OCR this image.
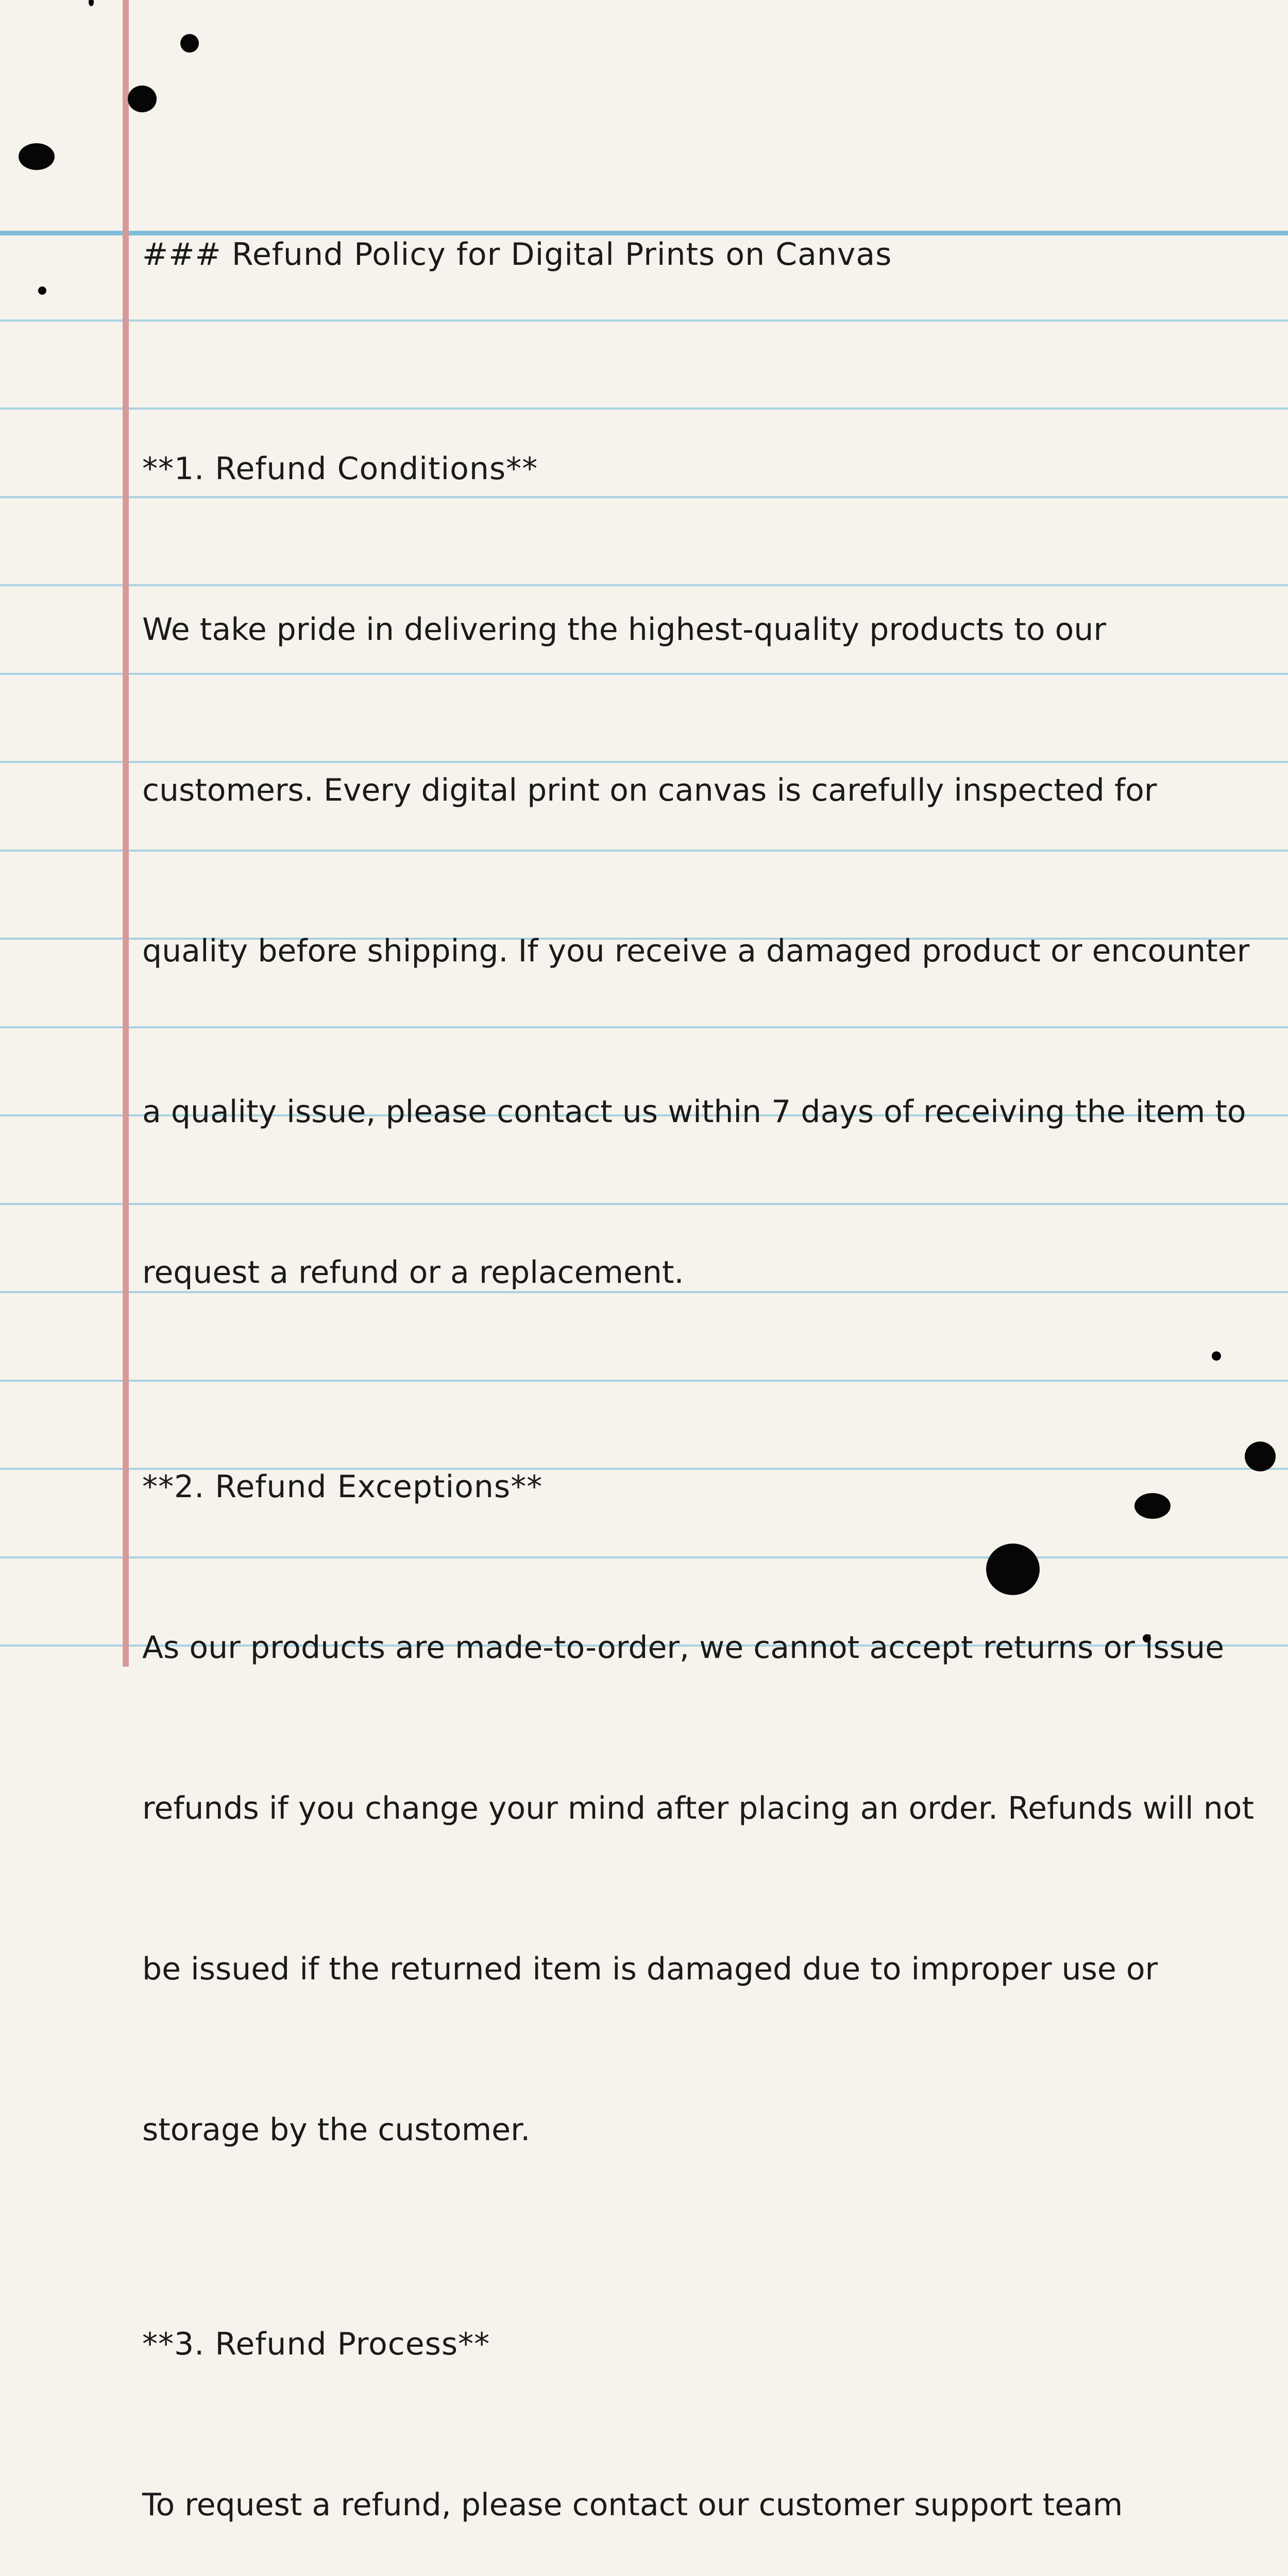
### Refund Policy for Digital Prints on Canvas

**1. Refund Conditions**

We take pride in delivering the highest-quality products to our

customers. Every digital print on canvas is carefully inspected for

quality before shipping. If you receive a damaged product or encounter

a quality issue, please contact us within 7 days of receiving the item to

request a refund or a replacement.

**2. Refund Exceptions**

As our products are made-to-order, we cannot accept returns or issue

refunds if you change your mind after placing an order. Refunds will not

be issued if the returned item is damaged due to improper use or

storage by the customer.

**3. Refund Process**

To request a refund, please contact our customer support team
